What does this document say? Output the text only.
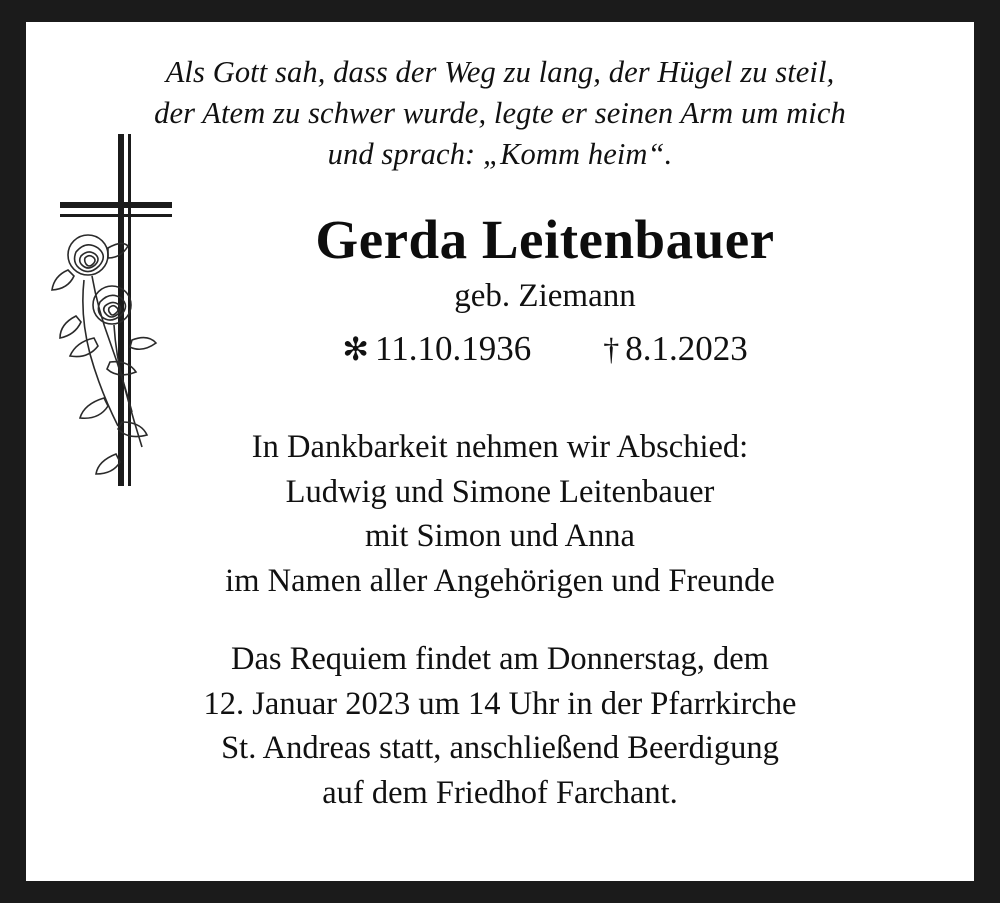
Als Gott sah, dass der Weg zu lang, der Hügel zu steil,
der Atem zu schwer wurde, legte er seinen Arm um mich
und sprach: „Komm heim“.
Gerda Leitenbauer
geb. Ziemann
✻ 11.10.1936 † 8.1.2023
In Dankbarkeit nehmen wir Abschied:
Ludwig und Simone Leitenbauer
mit Simon und Anna
im Namen aller Angehörigen und Freunde
Das Requiem findet am Donnerstag, dem
12. Januar 2023 um 14 Uhr in der Pfarrkirche
St. Andreas statt, anschließend Beerdigung
auf dem Friedhof Farchant.
